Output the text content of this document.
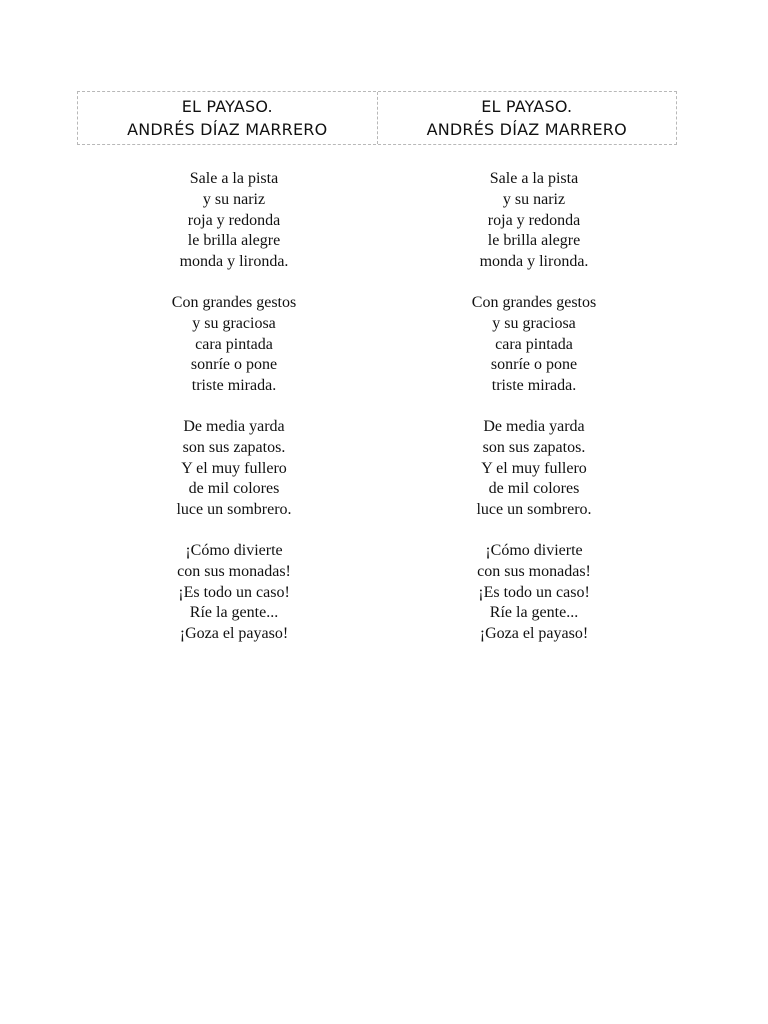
EL PAYASO.
ANDRÉS DÍAZ MARRERO
EL PAYASO.
ANDRÉS DÍAZ MARRERO
Sale a la pista
y su nariz
roja y redonda
le brilla alegre
monda y lironda.
Con grandes gestos
y su graciosa
cara pintada
sonríe o pone
triste mirada.
De media yarda
son sus zapatos.
Y el muy fullero
de mil colores
luce un sombrero.
¡Cómo divierte
con sus monadas!
¡Es todo un caso!
Ríe la gente...
¡Goza el payaso!
Sale a la pista
y su nariz
roja y redonda
le brilla alegre
monda y lironda.
Con grandes gestos
y su graciosa
cara pintada
sonríe o pone
triste mirada.
De media yarda
son sus zapatos.
Y el muy fullero
de mil colores
luce un sombrero.
¡Cómo divierte
con sus monadas!
¡Es todo un caso!
Ríe la gente...
¡Goza el payaso!
